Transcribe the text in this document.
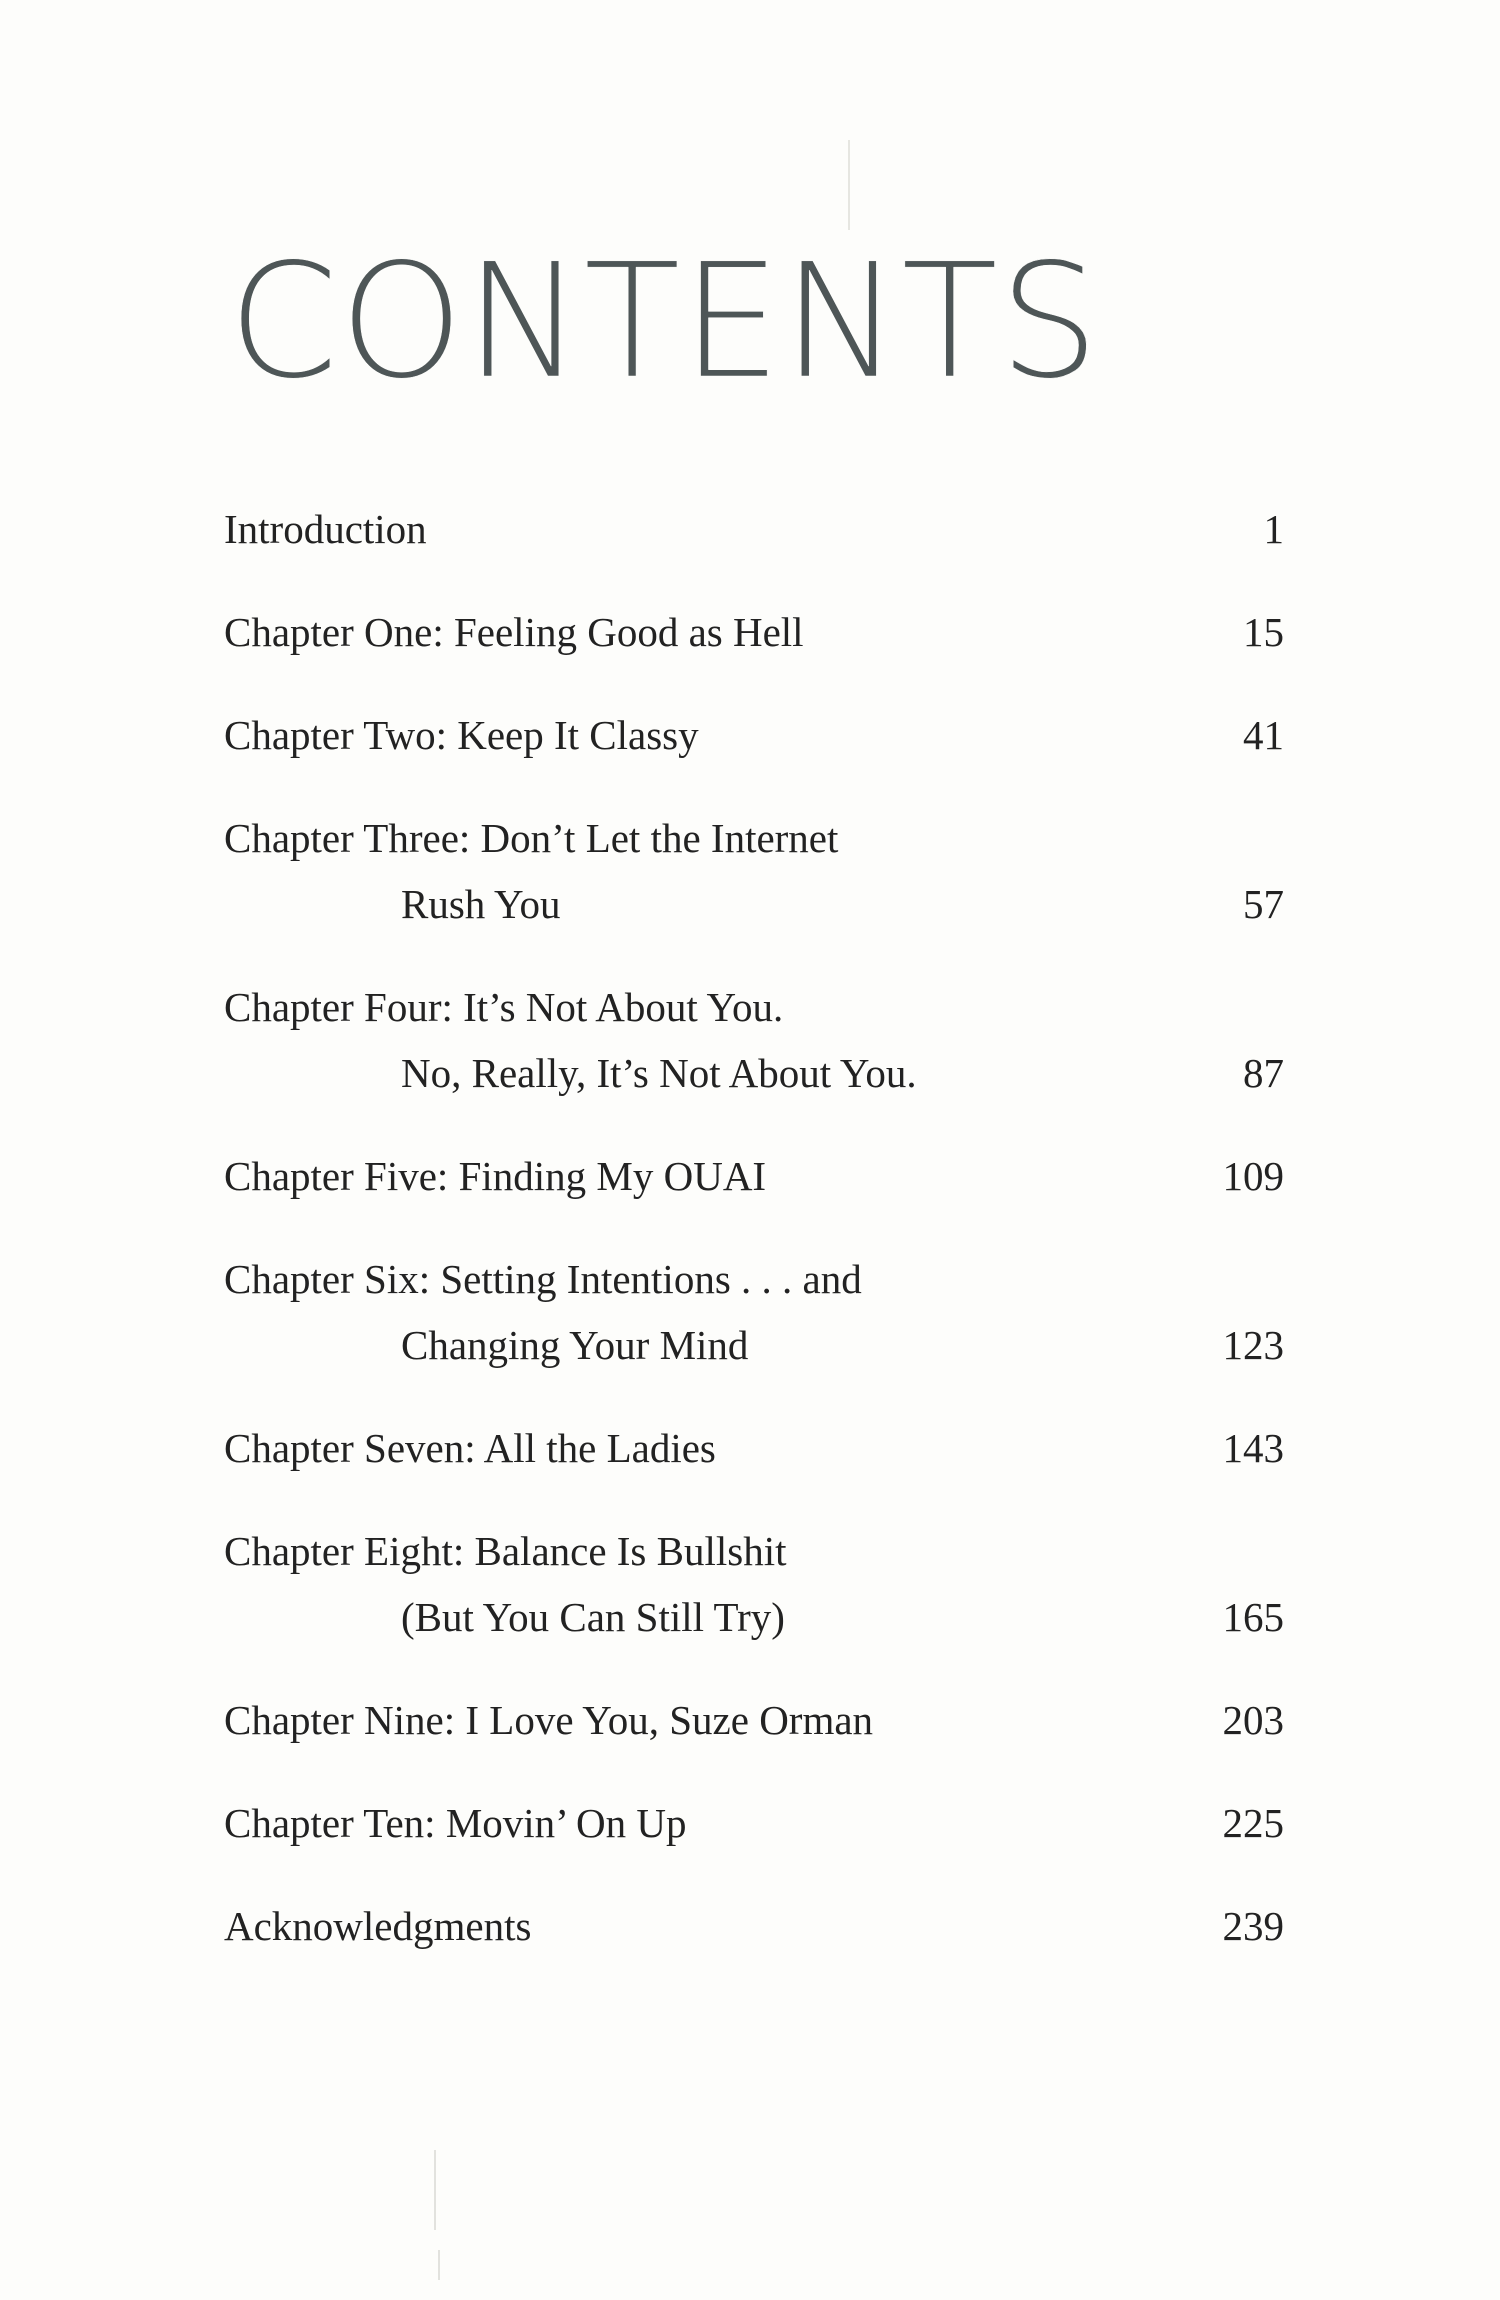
CONTENTS
Introduction	1
Chapter One: Feeling Good as Hell	15
Chapter Two: Keep It Classy	41
Chapter Three: Don’t Let the Internet
Rush You	57
Chapter Four: It’s Not About You.
No, Really, It’s Not About You.	87
Chapter Five: Finding My OUAI	109
Chapter Six: Setting Intentions . . . and
Changing Your Mind	123
Chapter Seven: All the Ladies	143
Chapter Eight: Balance Is Bullshit
(But You Can Still Try)	165
Chapter Nine: I Love You, Suze Orman	203
Chapter Ten: Movin’ On Up	225
Acknowledgments	239
